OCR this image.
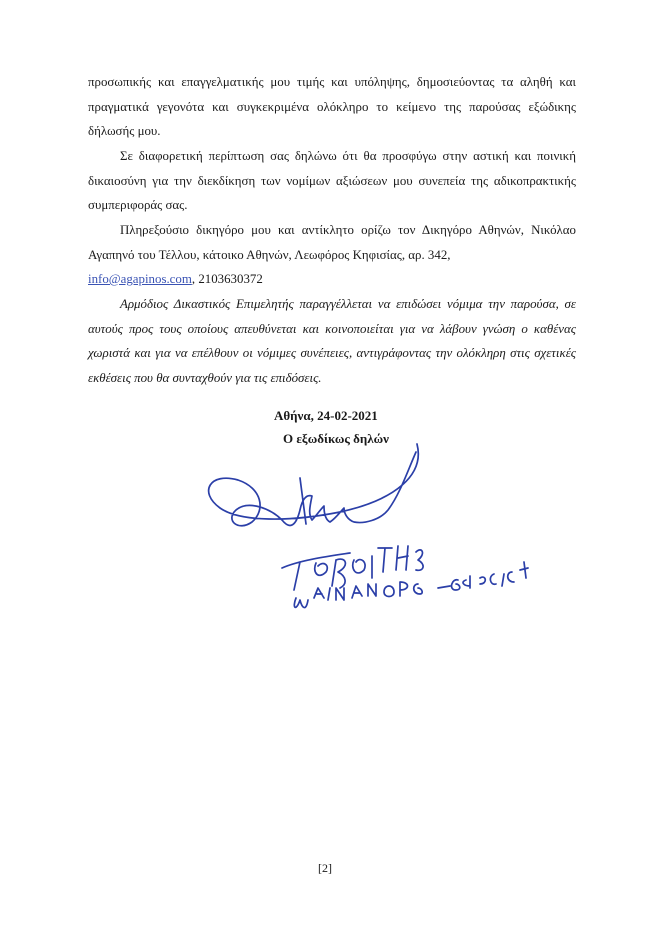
προσωπικής και επαγγελματικής μου τιμής και υπόληψης, δημοσιεύοντας τα αληθή και πραγματικά γεγονότα και συγκεκριμένα ολόκληρο το κείμενο της παρούσας εξώδικης δήλωσής μου.

Σε διαφορετική περίπτωση σας δηλώνω ότι θα προσφύγω στην αστική και ποινική δικαιοσύνη για την διεκδίκηση των νομίμων αξιώσεων μου συνεπεία της αδικοπρακτικής συμπεριφοράς σας.

Πληρεξούσιο δικηγόρο μου και αντίκλητο ορίζω τον Δικηγόρο Αθηνών, Νικόλαο Αγαπηνό του Τέλλου, κάτοικο Αθηνών, Λεωφόρος Κηφισίας, αρ. 342,
info@agapinos.com, 2103630372

Αρμόδιος Δικαστικός Επιμελητής παραγγέλλεται να επιδώσει νόμιμα την παρούσα, σε αυτούς προς τους οποίους απευθύνεται και κοινοποιείται για να λάβουν γνώση ο καθένας χωριστά και για να επέλθουν οι νόμιμες συνέπειες, αντιγράφοντας την ολόκληρη στις σχετικές εκθέσεις που θα συνταχθούν για τις επιδόσεις.

Αθήνα, 24-02-2021
Ο εξωδίκως δηλών
[2]
